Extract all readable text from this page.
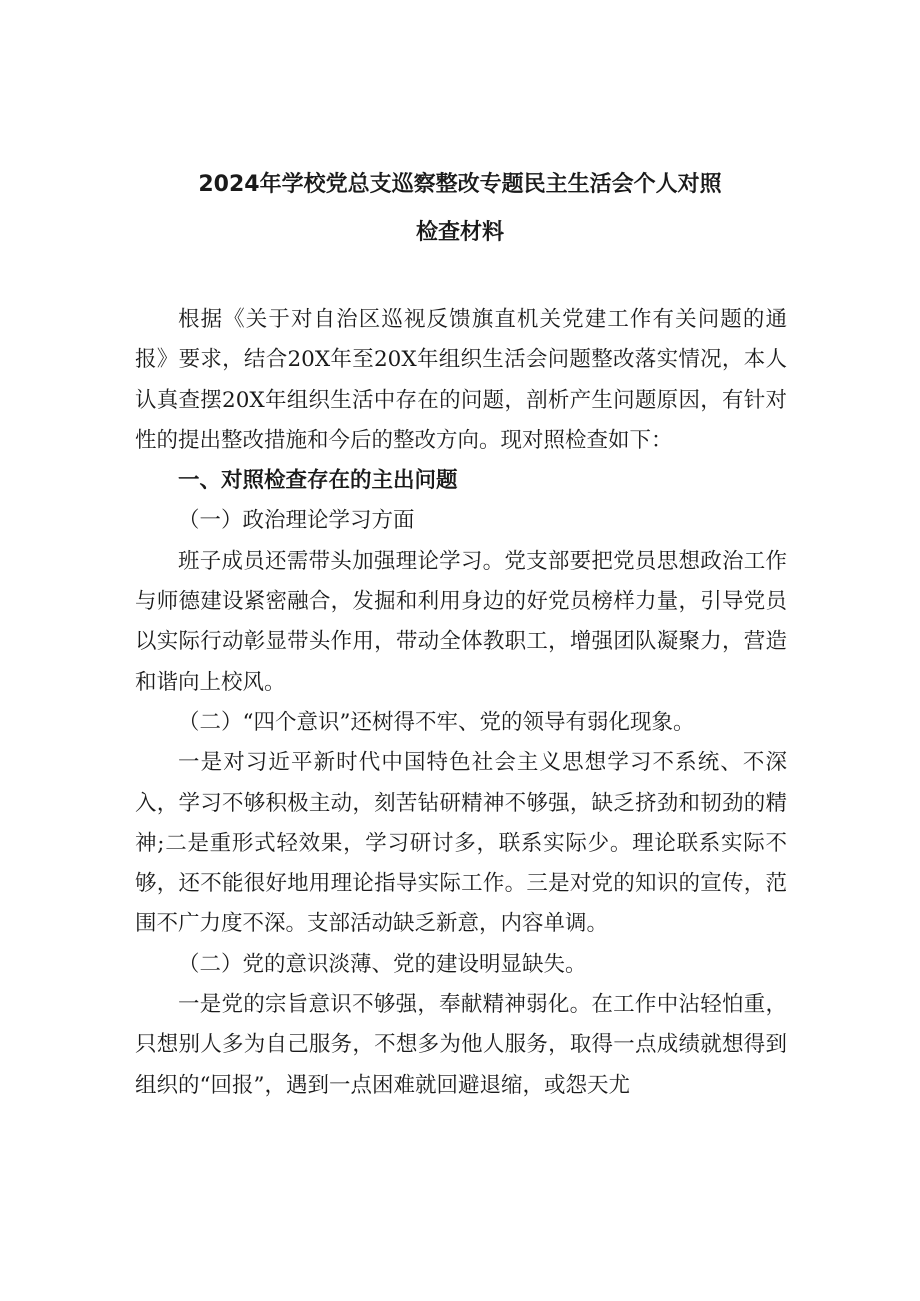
2024年学校党总支巡察整改专题民主生活会个人对照
检查材料

根据《关于对自治区巡视反馈旗直机关党建工作有关问题的通报》要求，结合20X年至20X年组织生活会问题整改落实情况，本人认真查摆20X年组织生活中存在的问题，剖析产生问题原因，有针对性的提出整改措施和今后的整改方向。现对照检查如下：

一、对照检查存在的主出问题

（一）政治理论学习方面

班子成员还需带头加强理论学习。党支部要把党员思想政治工作与师德建设紧密融合，发掘和利用身边的好党员榜样力量，引导党员以实际行动彰显带头作用，带动全体教职工，增强团队凝聚力，营造和谐向上校风。

（二）“四个意识”还树得不牢、党的领导有弱化现象。

一是对习近平新时代中国特色社会主义思想学习不系统、不深入，学习不够积极主动，刻苦钻研精神不够强，缺乏挤劲和韧劲的精神;二是重形式轻效果，学习研讨多，联系实际少。理论联系实际不够，还不能很好地用理论指导实际工作。三是对党的知识的宣传，范围不广力度不深。支部活动缺乏新意，内容单调。

（二）党的意识淡薄、党的建设明显缺失。

一是党的宗旨意识不够强，奉献精神弱化。在工作中沾轻怕重，只想别人多为自己服务，不想多为他人服务，取得一点成绩就想得到组织的“回报”，遇到一点困难就回避退缩，或怨天尤
